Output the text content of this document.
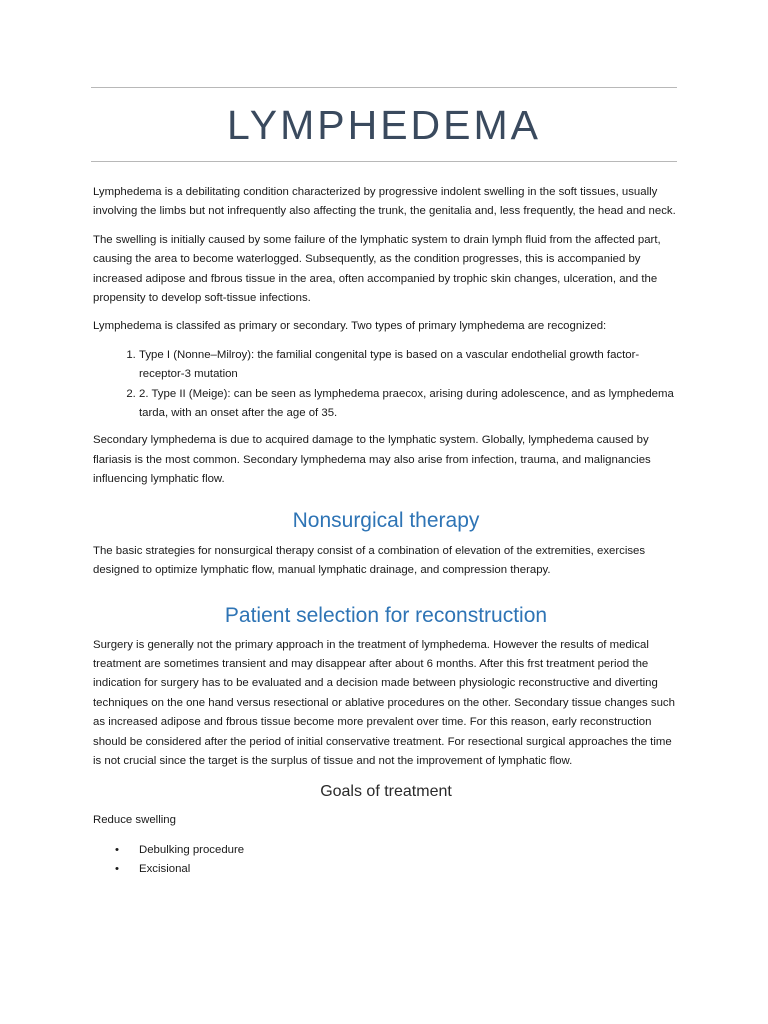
LYMPHEDEMA

Lymphedema is a debilitating condition characterized by progressive indolent swelling in the soft tissues, usually involving the limbs but not infrequently also affecting the trunk, the genitalia and, less frequently, the head and neck.

The swelling is initially caused by some failure of the lymphatic system to drain lymph fluid from the affected part, causing the area to become waterlogged. Subsequently, as the condition progresses, this is accompanied by increased adipose and fbrous tissue in the area, often accompanied by trophic skin changes, ulceration, and the propensity to develop soft-tissue infections.

Lymphedema is classifed as primary or secondary. Two types of primary lymphedema are recognized:

1. Type I (Nonne–Milroy): the familial congenital type is based on a vascular endothelial growth factor-receptor-3 mutation
2. 2. Type II (Meige): can be seen as lymphedema praecox, arising during adolescence, and as lymphedema tarda, with an onset after the age of 35.

Secondary lymphedema is due to acquired damage to the lymphatic system. Globally, lymphedema caused by flariasis is the most common. Secondary lymphedema may also arise from infection, trauma, and malignancies influencing lymphatic flow.

Nonsurgical therapy

The basic strategies for nonsurgical therapy consist of a combination of elevation of the extremities, exercises designed to optimize lymphatic flow, manual lymphatic drainage, and compression therapy.

Patient selection for reconstruction

Surgery is generally not the primary approach in the treatment of lymphedema. However the results of medical treatment are sometimes transient and may disappear after about 6 months. After this frst treatment period the indication for surgery has to be evaluated and a decision made between physiologic reconstructive and diverting techniques on the one hand versus resectional or ablative procedures on the other. Secondary tissue changes such as increased adipose and fbrous tissue become more prevalent over time. For this reason, early reconstruction should be considered after the period of initial conservative treatment. For resectional surgical approaches the time is not crucial since the target is the surplus of tissue and not the improvement of lymphatic flow.

Goals of treatment

Reduce swelling

• Debulking procedure
• Excisional
